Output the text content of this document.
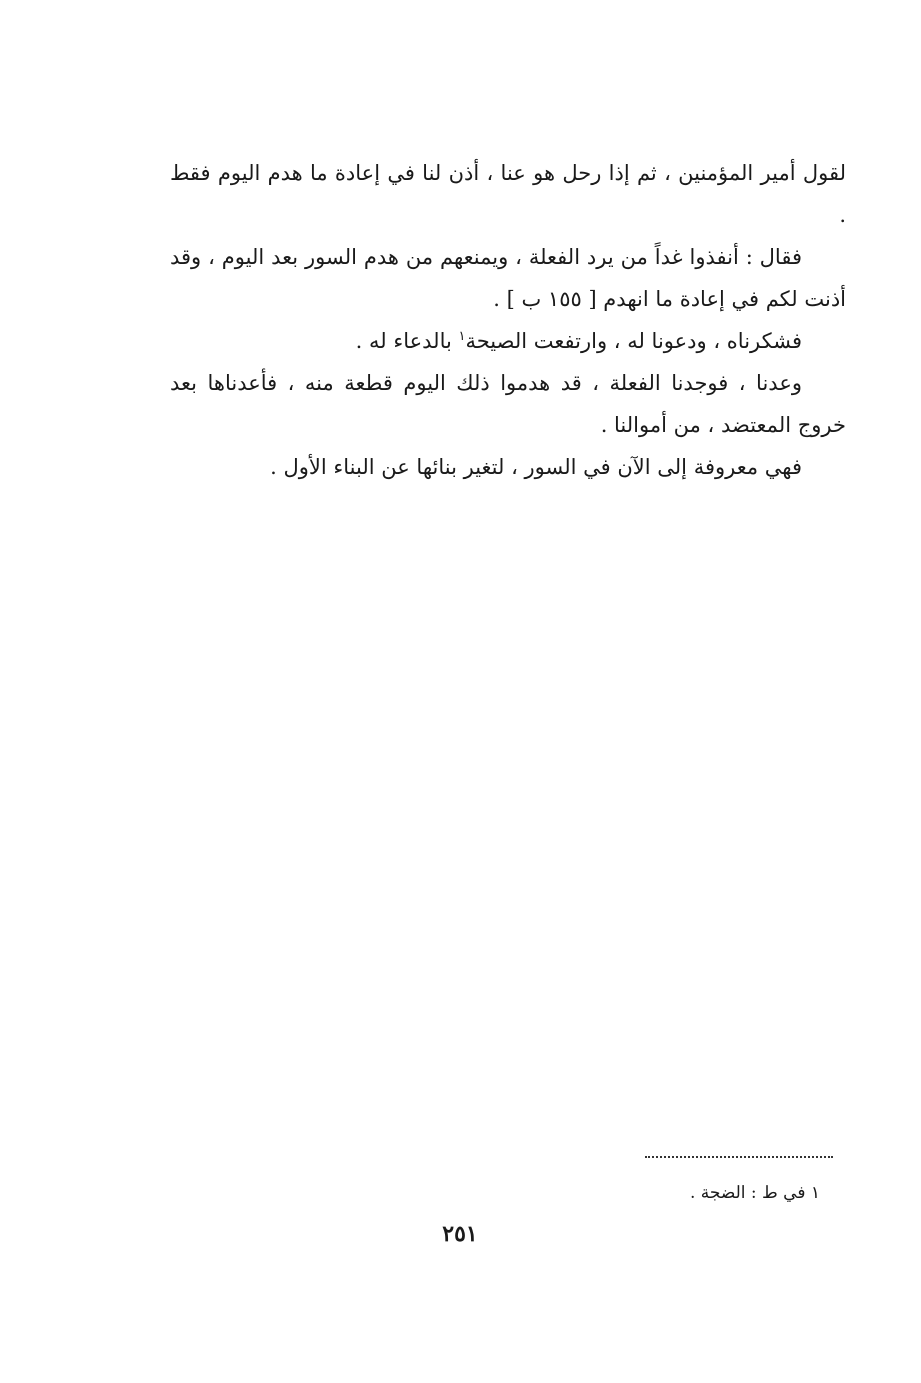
لقول أمير المؤمنين ، ثم إذا رحل هو عنا ، أذن لنا في إعادة ما هدم اليوم فقط .

فقال : أنفذوا غداً من يرد الفعلة ، ويمنعهم من هدم السور بعد اليوم ، وقد أذنت لكم في إعادة ما انهدم [ ١٥٥ ب ] .

فشكرناه ، ودعونا له ، وارتفعت الصيحة$^١$ بالدعاء له .

وعدنا ، فوجدنا الفعلة ، قد هدموا ذلك اليوم قطعة منه ، فأعدناها بعد خروج المعتضد ، من أموالنا .

فهي معروفة إلى الآن في السور ، لتغير بنائها عن البناء الأول .

١ في ط : الضجة .
٢٥١
